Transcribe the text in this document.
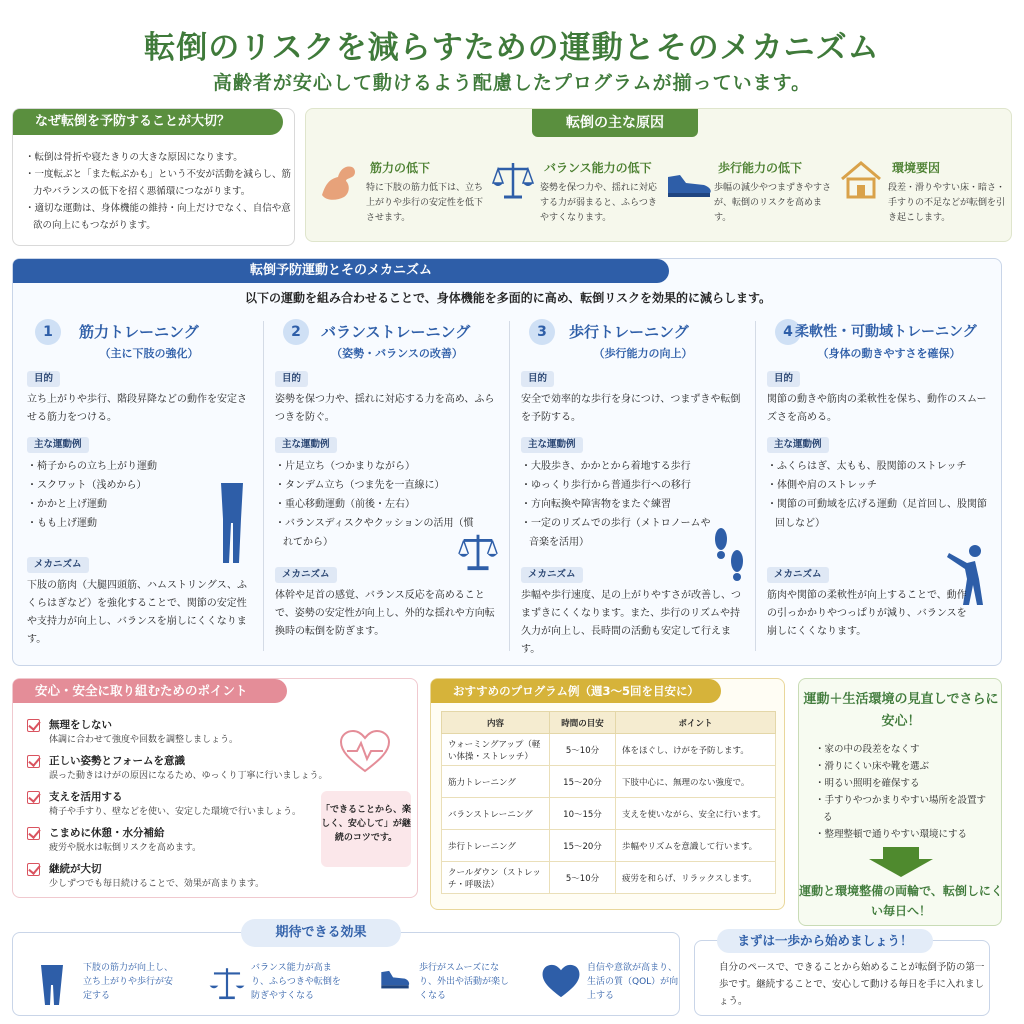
転倒のリスクを減らすための運動とそのメカニズム
高齢者が安心して動けるよう配慮したプログラムが揃っています。
なぜ転倒を予防することが大切？
・転倒は骨折や寝たきりの大きな原因になります。
・一度転ぶと「また転ぶかも」という不安が活動を減らし、筋力やバランスの低下を招く悪循環につながります。
・適切な運動は、身体機能の維持・向上だけでなく、自信や意欲の向上にもつながります。
転倒の主な原因
筋力の低下
特に下肢の筋力低下は、立ち上がりや歩行の安定性を低下させます。
バランス能力の低下
姿勢を保つ力や、揺れに対応する力が弱まると、ふらつきやすくなります。
歩行能力の低下
歩幅の減少やつまずきやすさが、転倒のリスクを高めます。
環境要因
段差・滑りやすい床・暗さ・手すりの不足などが転倒を引き起こします。
転倒予防運動とそのメカニズム
以下の運動を組み合わせることで、身体機能を多面的に高め、転倒リスクを効果的に減らします。
1	筋力トレーニング
（主に下肢の強化）
目的
立ち上がりや歩行、階段昇降などの動作を安定させる筋力をつける。
主な運動例
・椅子からの立ち上がり運動
・スクワット（浅めから）
・かかと上げ運動
・もも上げ運動
メカニズム
下肢の筋肉（大腿四頭筋、ハムストリングス、ふくらはぎなど）を強化することで、関節の安定性や支持力が向上し、バランスを崩しにくくなります。
2	バランストレーニング
（姿勢・バランスの改善）
目的
姿勢を保つ力や、揺れに対応する力を高め、ふらつきを防ぐ。
主な運動例
・片足立ち（つかまりながら）
・タンデム立ち（つま先を一直線に）
・重心移動運動（前後・左右）
・バランスディスクやクッションの活用（慣れてから）
メカニズム
体幹や足首の感覚、バランス反応を高めることで、姿勢の安定性が向上し、外的な揺れや方向転換時の転倒を防ぎます。
3	歩行トレーニング
（歩行能力の向上）
目的
安全で効率的な歩行を身につけ、つまずきや転倒を予防する。
主な運動例
・大股歩き、かかとから着地する歩行
・ゆっくり歩行から普通歩行への移行
・方向転換や障害物をまたぐ練習
・一定のリズムでの歩行（メトロノームや音楽を活用）
メカニズム
歩幅や歩行速度、足の上がりやすさが改善し、つまずきにくくなります。また、歩行のリズムや持久力が向上し、長時間の活動も安定して行えます。
4 柔軟性・可動域トレーニング
（身体の動きやすさを確保）
目的
関節の動きや筋肉の柔軟性を保ち、動作のスムーズさを高める。
主な運動例
・ふくらはぎ、太もも、股関節のストレッチ
・体側や肩のストレッチ
・関節の可動域を広げる運動（足首回し、股関節回しなど）
メカニズム
筋肉や関節の柔軟性が向上することで、動作の引っかかりやつっぱりが減り、バランスを崩しにくくなります。
安心・安全に取り組むためのポイント
無理をしない
体調に合わせて強度や回数を調整しましょう。
正しい姿勢とフォームを意識
誤った動きはけがの原因になるため、ゆっくり丁寧に行いましょう。
支えを活用する
椅子や手すり、壁などを使い、安定した環境で行いましょう。
こまめに休憩・水分補給
疲労や脱水は転倒リスクを高めます。
継続が大切
少しずつでも毎日続けることで、効果が高まります。
「できることから、楽しく、安心して」が継続のコツです。
おすすめのプログラム例（週3〜5回を目安に）
内容	時間の目安	ポイント
ウォーミングアップ（軽い体操・ストレッチ）	5〜10分	体をほぐし、けがを予防します。
筋力トレーニング	15〜20分	下肢中心に、無理のない強度で。
バランストレーニング	10〜15分	支えを使いながら、安全に行います。
歩行トレーニング	15〜20分	歩幅やリズムを意識して行います。
クールダウン（ストレッチ・呼吸法）	5〜10分	疲労を和らげ、リラックスします。
運動＋生活環境の見直しでさらに安心！
・家の中の段差をなくす
・滑りにくい床や靴を選ぶ
・明るい照明を確保する
・手すりやつかまりやすい場所を設置する
・整理整頓で通りやすい環境にする
運動と環境整備の両輪で、転倒しにくい毎日へ！
期待できる効果
下肢の筋力が向上し、立ち上がりや歩行が安定する
バランス能力が高まり、ふらつきや転倒を防ぎやすくなる
歩行がスムーズになり、外出や活動が楽しくなる
自信や意欲が高まり、生活の質（QOL）が向上する
まずは一歩から始めましょう！
自分のペースで、できることから始めることが転倒予防の第一歩です。継続することで、安心して動ける毎日を手に入れましょう。
